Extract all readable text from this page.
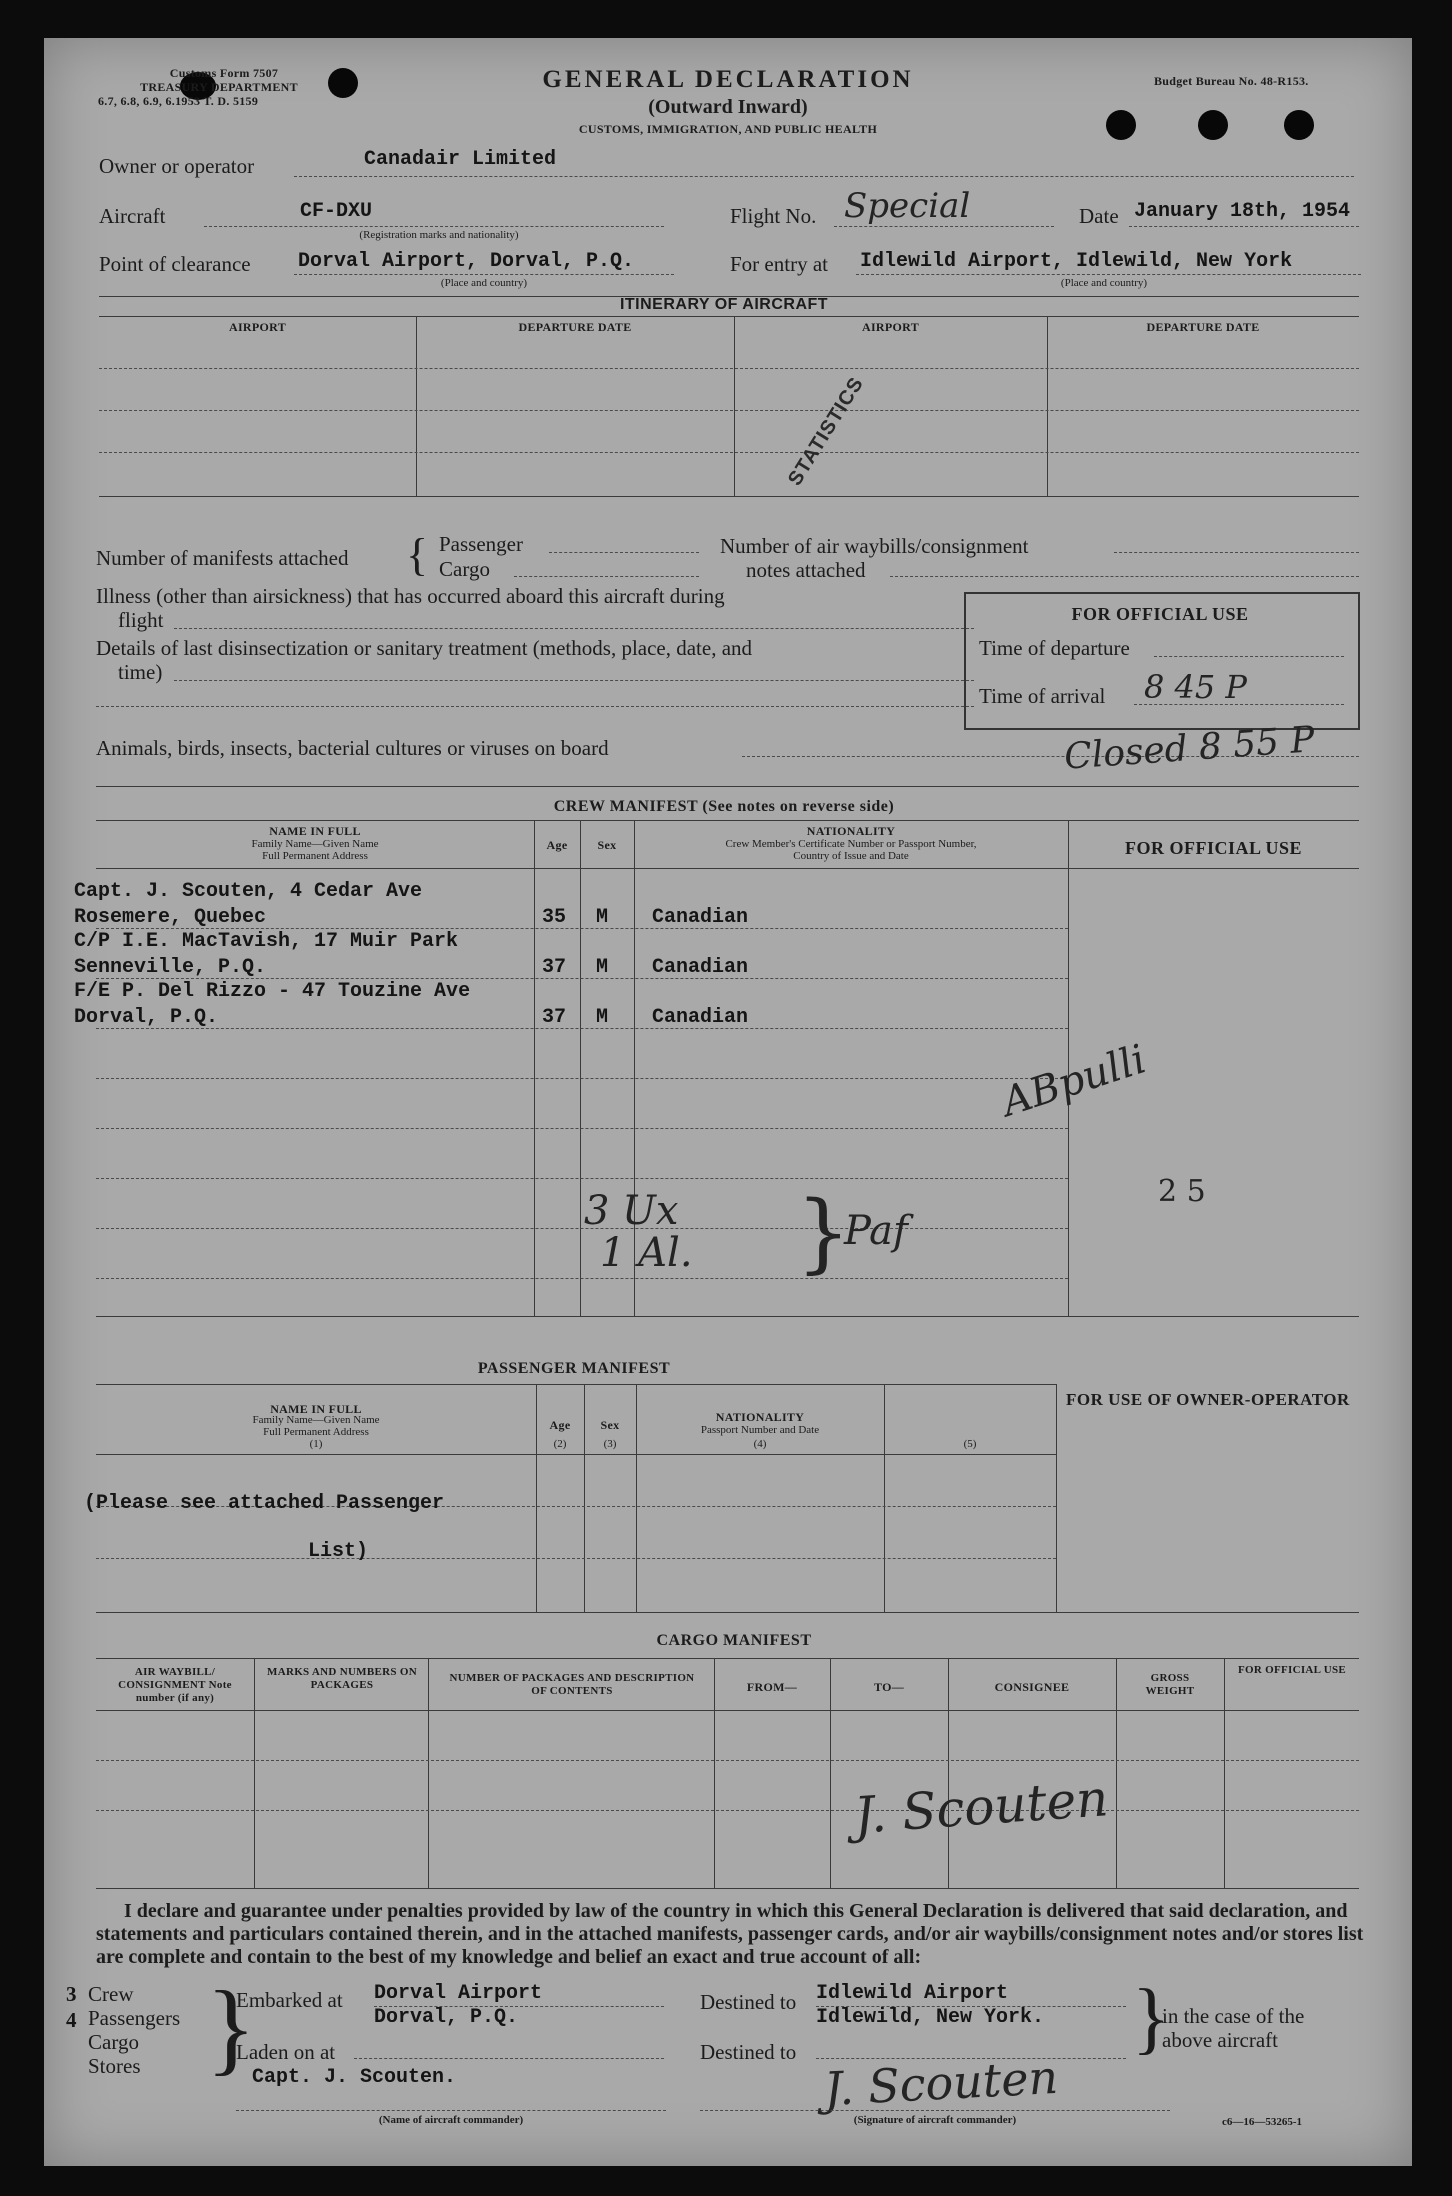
Customs Form 7507
TREASURY DEPARTMENT
6.7, 6.8, 6.9, 6.1953 T. D. 5159
GENERAL DECLARATION
(Outward Inward)
CUSTOMS, IMMIGRATION, AND PUBLIC HEALTH
Budget Bureau No. 48-R153.
Owner or operator	Canadair Limited
Aircraft	CF-DXU
(Registration marks and nationality)
Flight No. Special	Date January 18th, 1954
Point of clearance Dorval Airport, Dorval, P.Q.
(Place and country)
For entry at Idlewild Airport, Idlewild, New York
(Place and country)
ITINERARY OF AIRCRAFT
AIRPORT	DEPARTURE DATE	AIRPORT	DEPARTURE DATE
STATISTICS
Number of manifests attached { Passenger
Cargo
Number of air waybills/consignment
notes attached
Illness (other than airsickness) that has occurred aboard this aircraft during
flight
Details of last disinsectization or sanitary treatment (methods, place, date, and
time)
FOR OFFICIAL USE
Time of departure
Time of arrival 8 45 P
Animals, birds, insects, bacterial cultures or viruses on board	Closed 8 55 P
CREW MANIFEST (See notes on reverse side)
NAME IN FULL
Family Name—Given Name
Full Permanent Address
Age	Sex
NATIONALITY
Crew Member's Certificate Number or Passport Number,
Country of Issue and Date	FOR OFFICIAL USE
Capt. J. Scouten, 4 Cedar Ave
Rosemere, Quebec	35 M Canadian
C/P I.E. MacTavish, 17 Muir Park
Senneville, P.Q.	37 M Canadian
F/E P. Del Rizzo - 47 Touzine Ave
Dorval, P.Q.	37 M Canadian
ABpulli
2 5
3 Ux
1 Al. }
Paf
PASSENGER MANIFEST
NAME IN FULL
Family Name—Given Name
Full Permanent Address
(1)
Age
(2)
Sex
(3)
NATIONALITY
Passport Number and Date
(4)	(5)
FOR USE OF OWNER-OPERATOR
(Please see attached Passenger
List)
CARGO MANIFEST
AIR WAYBILL/ CONSIGNMENT Note number (if any)
MARKS AND NUMBERS ON PACKAGES
NUMBER OF PACKAGES AND DESCRIPTION OF CONTENTS	FROM—	TO—	CONSIGNEE
GROSS WEIGHT
FOR OFFICIAL USE
J. Scouten
I declare and guarantee under penalties provided by law of the country in which this General Declaration is delivered that said declaration, and statements and particulars contained therein, and in the attached manifests, passenger cards, and/or air waybills/consignment notes and/or stores list are complete and contain to the best of my knowledge and belief an exact and true account of all:
3
4
Crew
Passengers
Cargo
Stores }
Embarked at Dorval Airport
Dorval, P.Q.
Laden on at
Capt. J. Scouten.
(Name of aircraft commander)
Destined to Idlewild Airport
Idlewild, New York.
Destined to	}
in the case of the
above aircraft
J. Scouten
(Signature of aircraft commander)	c6—16—53265-1
